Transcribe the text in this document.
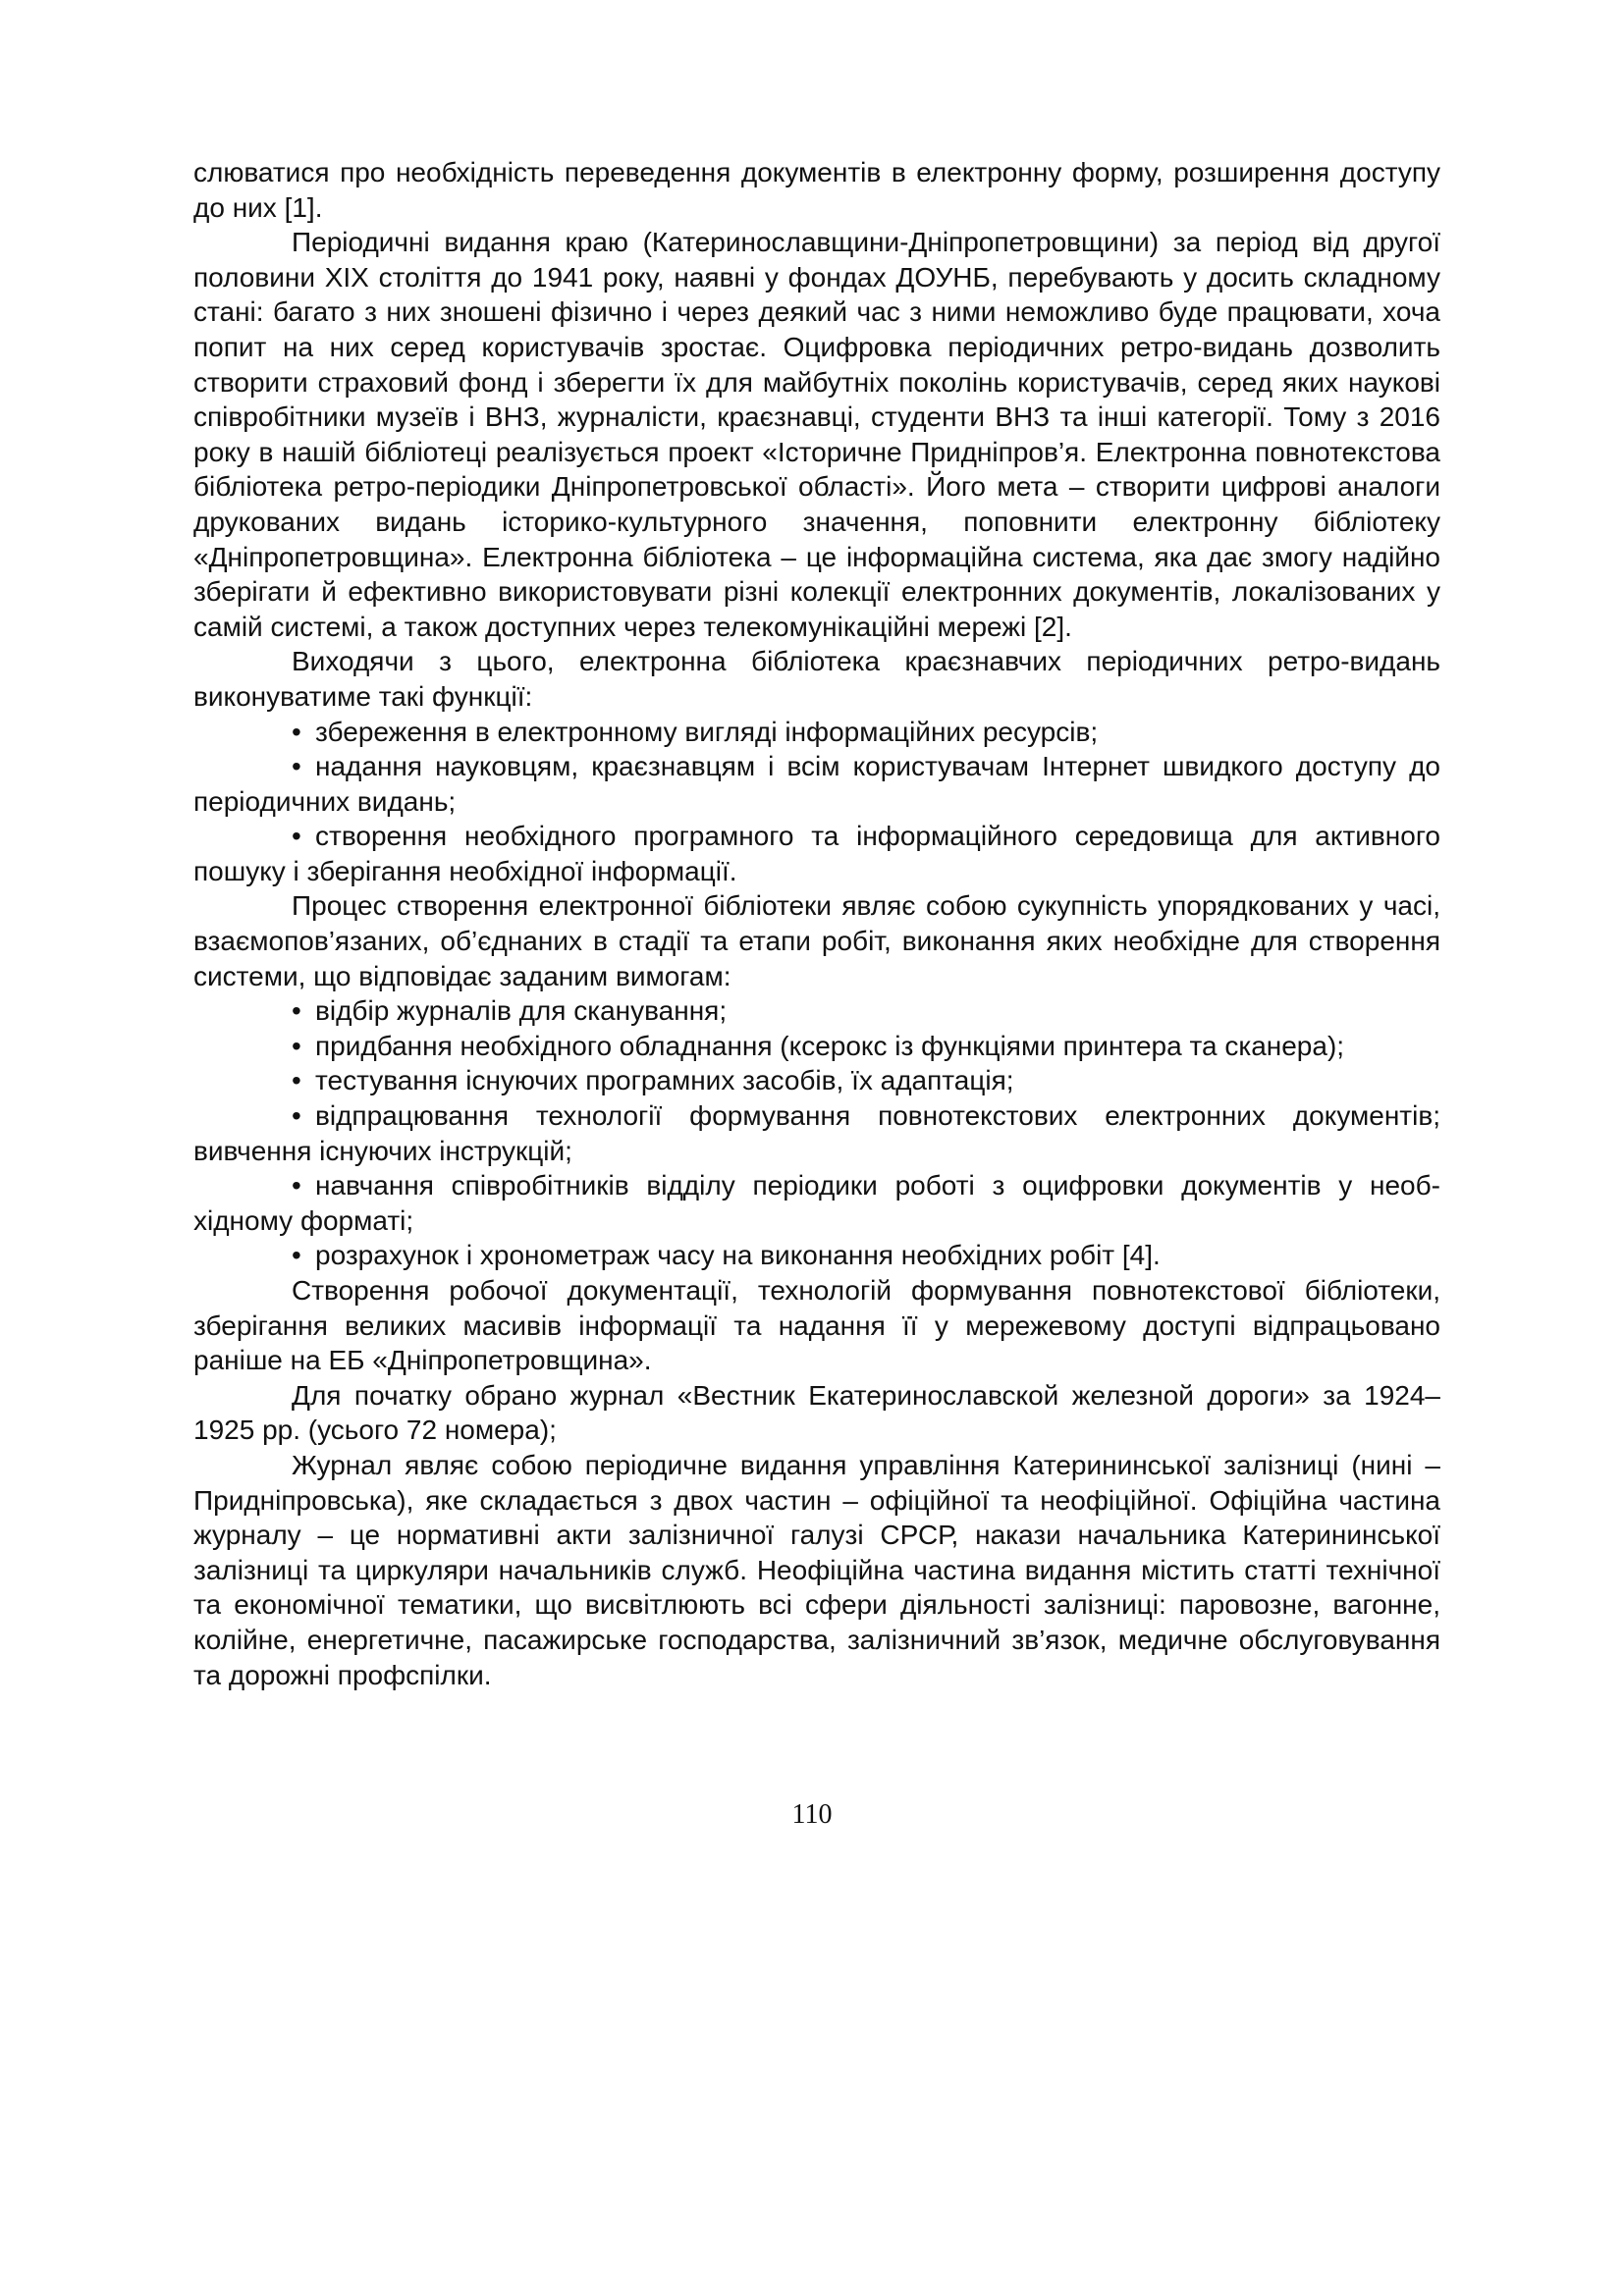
слюватися про необхідність переведення документів в електронну форму, розширення доступу до них [1].

Періодичні видання краю (Катеринославщини-Дніпропетровщини) за період від другої половини ХІХ століття до 1941 року, наявні у фондах ДОУНБ, перебувають у досить складному стані: багато з них зношені фізично і через деякий час з ними неможливо буде працювати, хоча попит на них серед користувачів зростає. Оцифровка періодичних ретро-видань дозволить створити страховий фонд і зберегти їх для майбутніх поколінь користувачів, серед яких наукові співробітники музеїв і ВНЗ, журналісти, краєзнавці, студенти ВНЗ та інші категорії. Тому з 2016 року в нашій бібліотеці реалізується проект «Історичне Придніпров’я. Електронна повнотекстова бібліотека ретро-періодики Дніпропетровської області». Його мета – створити цифрові аналоги друкованих видань історико-культурного значення, поповнити електронну бібліотеку «Дніпропетровщина». Електронна бібліотека – це інформаційна система, яка дає змогу надійно зберігати й ефективно використовувати різні колекції електронних документів, локалізованих у самій системі, а також доступних через телекомунікаційні мережі [2].

Виходячи з цього, електронна бібліотека краєзнавчих періодичних ретро-видань виконуватиме такі функції:

• збереження в електронному вигляді інформаційних ресурсів;
• надання науковцям, краєзнавцям і всім користувачам Інтернет швидкого доступу до періодичних видань;
• створення необхідного програмного та інформаційного середовища для активного пошуку і зберігання необхідної інформації.

Процес створення електронної бібліотеки являє собою сукупність упорядкованих у часі, взаємопов’язаних, об’єднаних в стадії та етапи робіт, виконання яких необхідне для створення системи, що відповідає заданим вимогам:

• відбір журналів для сканування;
• придбання необхідного обладнання (ксерокс із функціями принтера та сканера);
• тестування існуючих програмних засобів, їх адаптація;
• відпрацювання технології формування повнотекстових електронних документів; вивчення існуючих інструкцій;
• навчання співробітників відділу періодики роботі з оцифровки документів у необхідному форматі;
• розрахунок і хронометраж часу на виконання необхідних робіт [4].

Створення робочої документації, технологій формування повнотекстової бібліотеки, зберігання великих масивів інформації та надання її у мережевому доступі відпрацьовано раніше на ЕБ «Дніпропетровщина».

Для початку обрано журнал «Вестник Екатеринославской железной дороги» за 1924–1925 рр. (усього 72 номера);

Журнал являє собою періодичне видання управління Катерининської залізниці (нині – Придніпровська), яке складається з двох частин – офіційної та неофіційної. Офіційна частина журналу – це нормативні акти залізничної галузі СРСР, накази начальника Катерининської залізниці та циркуляри начальників служб. Неофіційна частина видання містить статті технічної та економічної тематики, що висвітлюють всі сфери діяльності залізниці: паровозне, вагонне, колійне, енергетичне, пасажирське господарства, залізничний зв’язок, медичне обслуговування та дорожні профспілки.

110
